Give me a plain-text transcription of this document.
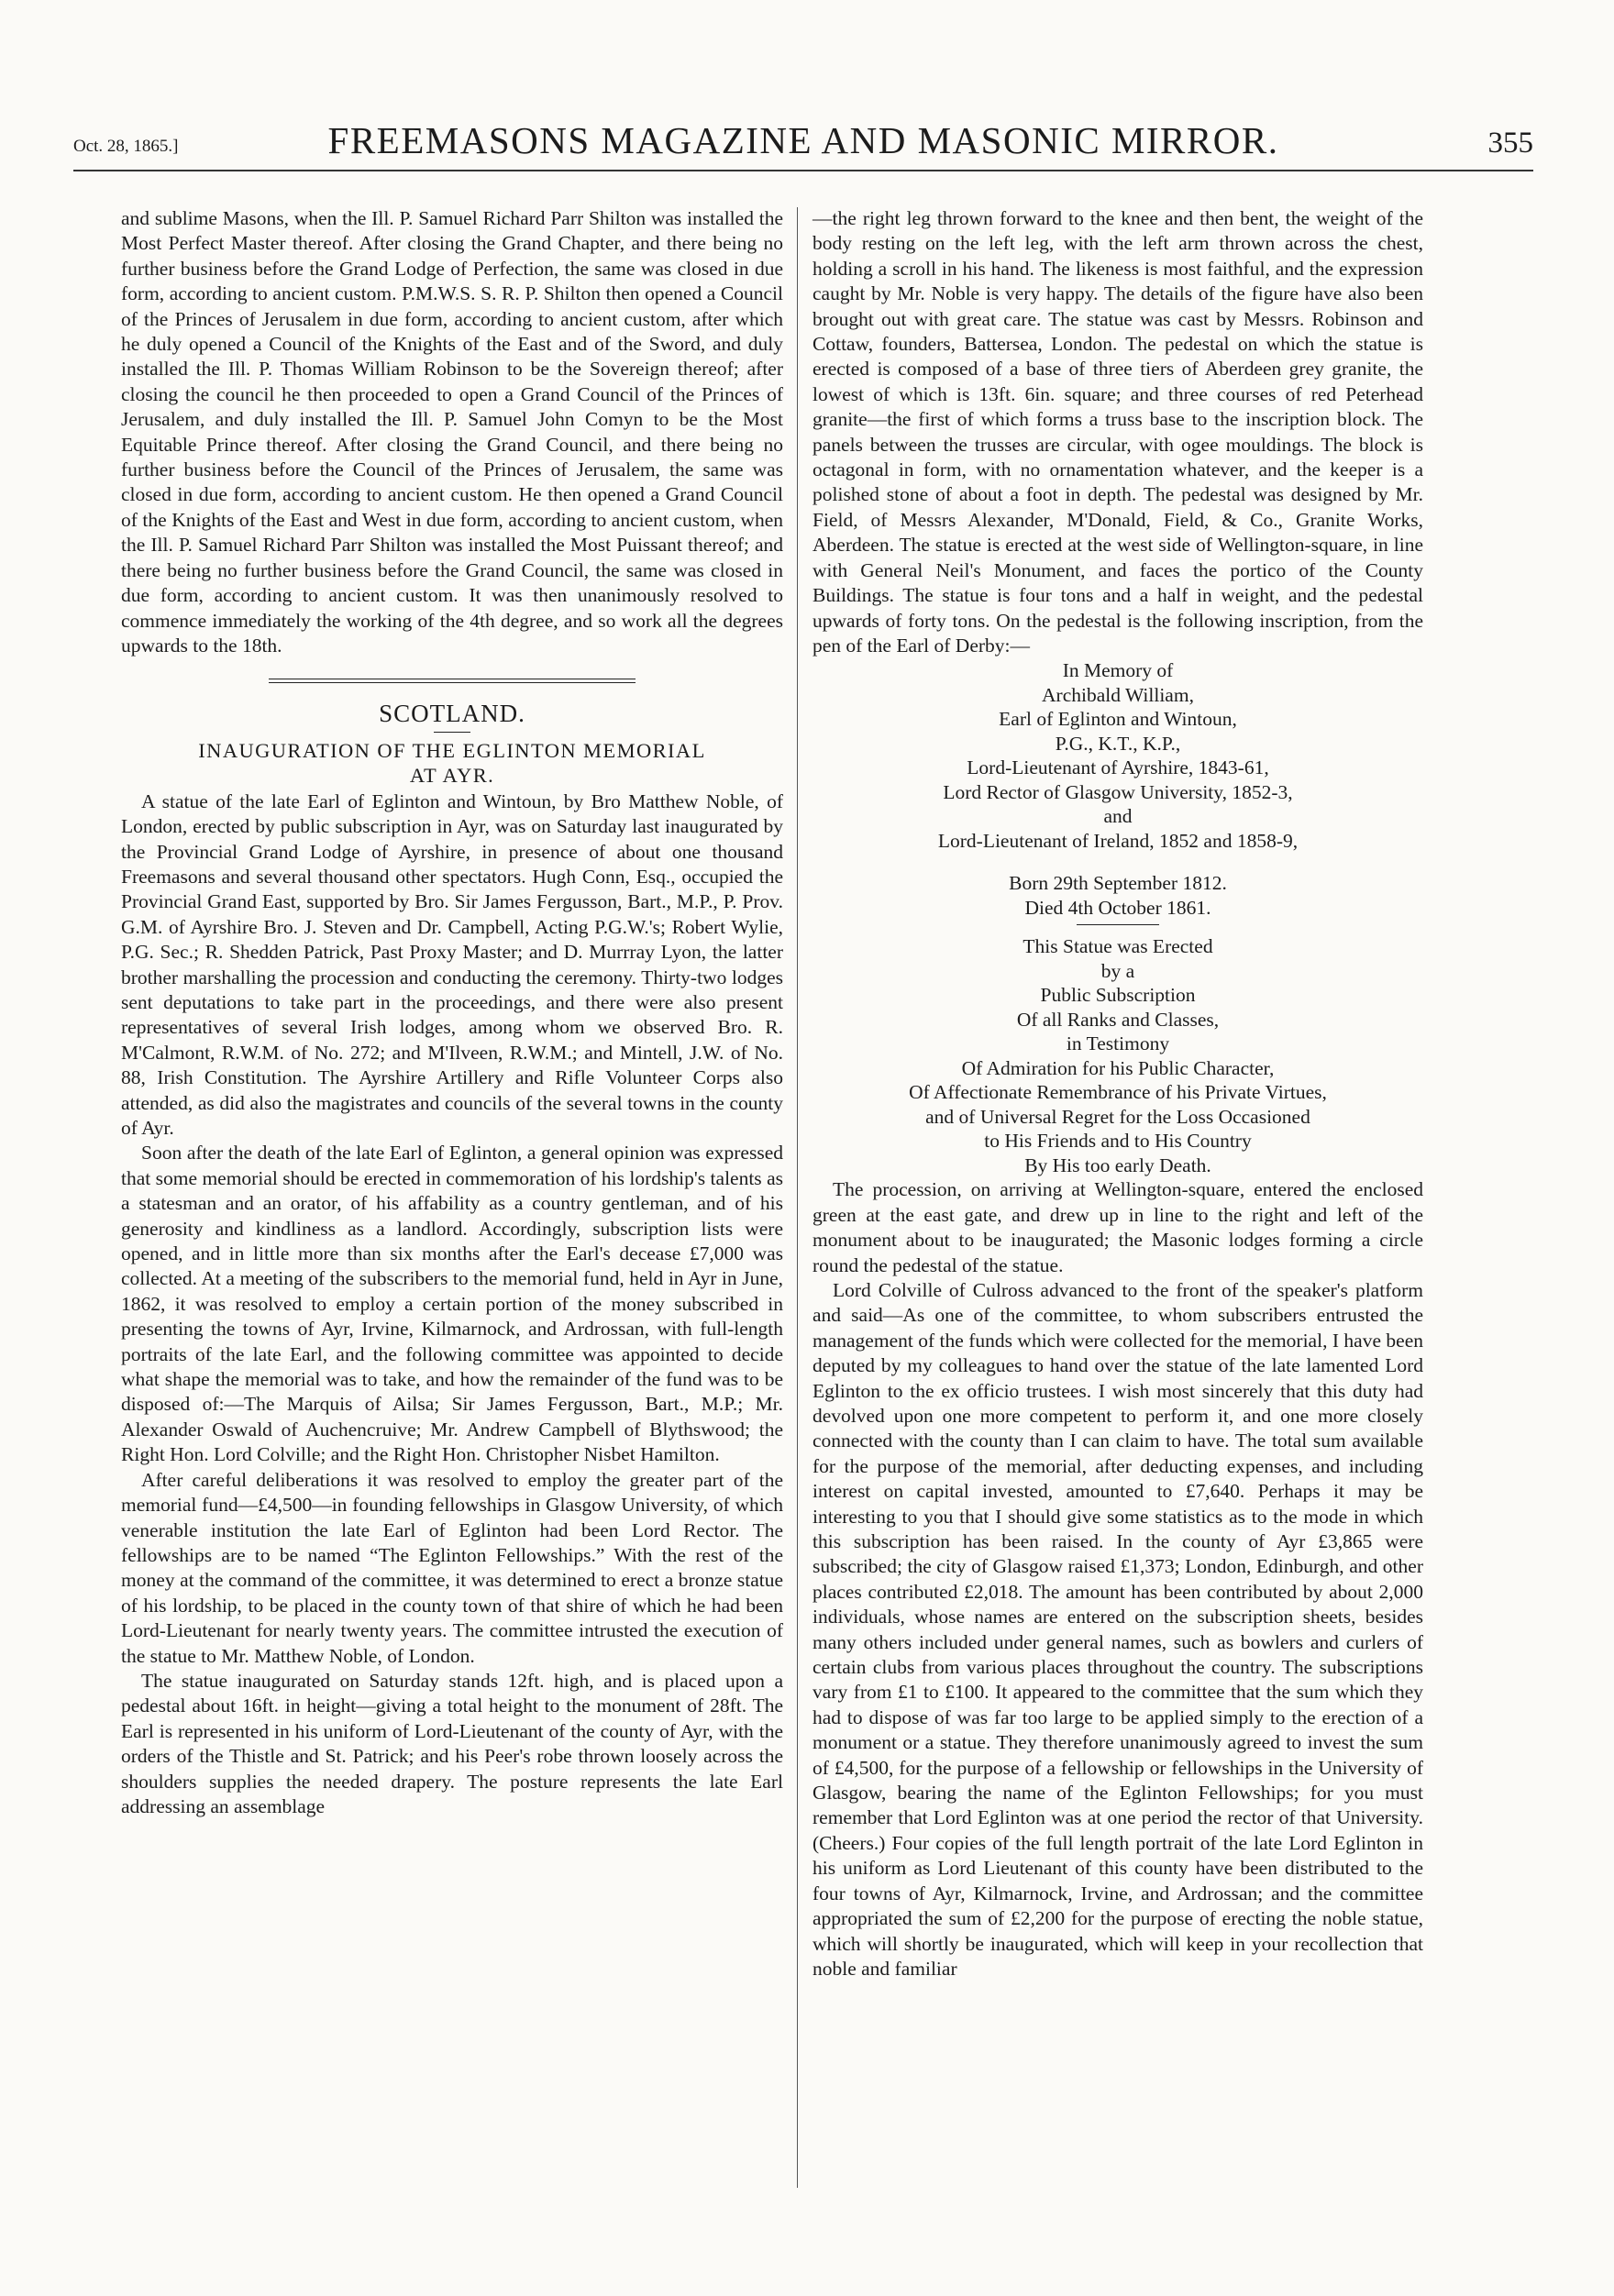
Oct. 28, 1865.]	FREEMASONS MAGAZINE AND MASONIC MIRROR.	355

and sublime Masons, when the Ill. P. Samuel Richard Parr Shilton was installed the Most Perfect Master thereof. After closing the Grand Chapter, and there being no further business before the Grand Lodge of Perfection, the same was closed in due form, according to ancient custom. P.M.W.S. S. R. P. Shilton then opened a Council of the Princes of Jerusalem in due form, according to ancient custom, after which he duly opened a Council of the Knights of the East and of the Sword, and duly installed the Ill. P. Thomas William Robinson to be the Sovereign thereof; after closing the council he then proceeded to open a Grand Council of the Princes of Jerusalem, and duly installed the Ill. P. Samuel John Comyn to be the Most Equitable Prince thereof. After closing the Grand Council, and there being no further business before the Council of the Princes of Jerusalem, the same was closed in due form, according to ancient custom. He then opened a Grand Council of the Knights of the East and West in due form, according to ancient custom, when the Ill. P. Samuel Richard Parr Shilton was installed the Most Puissant thereof; and there being no further business before the Grand Council, the same was closed in due form, according to ancient custom. It was then unanimously resolved to commence immediately the working of the 4th degree, and so work all the degrees upwards to the 18th.

SCOTLAND.
INAUGURATION OF THE EGLINTON MEMORIAL
AT AYR.

A statue of the late Earl of Eglinton and Wintoun, by Bro Matthew Noble, of London, erected by public subscription in Ayr, was on Saturday last inaugurated by the Provincial Grand Lodge of Ayrshire, in presence of about one thousand Freemasons and several thousand other spectators. Hugh Conn, Esq., occupied the Provincial Grand East, supported by Bro. Sir James Fergusson, Bart., M.P., P. Prov. G.M. of Ayrshire Bro. J. Steven and Dr. Campbell, Acting P.G.W.'s; Robert Wylie, P.G. Sec.; R. Shedden Patrick, Past Proxy Master; and D. Murrray Lyon, the latter brother marshalling the procession and conducting the ceremony. Thirty-two lodges sent deputations to take part in the proceedings, and there were also present representatives of several Irish lodges, among whom we observed Bro. R. M'Calmont, R.W.M. of No. 272; and M'Ilveen, R.W.M.; and Mintell, J.W. of No. 88, Irish Constitution. The Ayrshire Artillery and Rifle Volunteer Corps also attended, as did also the magistrates and councils of the several towns in the county of Ayr.

Soon after the death of the late Earl of Eglinton, a general opinion was expressed that some memorial should be erected in commemoration of his lordship's talents as a statesman and an orator, of his affability as a country gentleman, and of his generosity and kindliness as a landlord. Accordingly, subscription lists were opened, and in little more than six months after the Earl's decease £7,000 was collected. At a meeting of the subscribers to the memorial fund, held in Ayr in June, 1862, it was resolved to employ a certain portion of the money subscribed in presenting the towns of Ayr, Irvine, Kilmarnock, and Ardrossan, with full-length portraits of the late Earl, and the following committee was appointed to decide what shape the memorial was to take, and how the remainder of the fund was to be disposed of:—The Marquis of Ailsa; Sir James Fergusson, Bart., M.P.; Mr. Alexander Oswald of Auchencruive; Mr. Andrew Campbell of Blythswood; the Right Hon. Lord Colville; and the Right Hon. Christopher Nisbet Hamilton.

After careful deliberations it was resolved to employ the greater part of the memorial fund—£4,500—in founding fellowships in Glasgow University, of which venerable institution the late Earl of Eglinton had been Lord Rector. The fellowships are to be named “The Eglinton Fellowships.” With the rest of the money at the command of the committee, it was determined to erect a bronze statue of his lordship, to be placed in the county town of that shire of which he had been Lord-Lieutenant for nearly twenty years. The committee intrusted the execution of the statue to Mr. Matthew Noble, of London.

The statue inaugurated on Saturday stands 12ft. high, and is placed upon a pedestal about 16ft. in height—giving a total height to the monument of 28ft. The Earl is represented in his uniform of Lord-Lieutenant of the county of Ayr, with the orders of the Thistle and St. Patrick; and his Peer's robe thrown loosely across the shoulders supplies the needed drapery. The posture represents the late Earl addressing an assemblage

—the right leg thrown forward to the knee and then bent, the weight of the body resting on the left leg, with the left arm thrown across the chest, holding a scroll in his hand. The likeness is most faithful, and the expression caught by Mr. Noble is very happy. The details of the figure have also been brought out with great care. The statue was cast by Messrs. Robinson and Cottaw, founders, Battersea, London. The pedestal on which the statue is erected is composed of a base of three tiers of Aberdeen grey granite, the lowest of which is 13ft. 6in. square; and three courses of red Peterhead granite—the first of which forms a truss base to the inscription block. The panels between the trusses are circular, with ogee mouldings. The block is octagonal in form, with no ornamentation whatever, and the keeper is a polished stone of about a foot in depth. The pedestal was designed by Mr. Field, of Messrs Alexander, M'Donald, Field, & Co., Granite Works, Aberdeen. The statue is erected at the west side of Wellington-square, in line with General Neil's Monument, and faces the portico of the County Buildings. The statue is four tons and a half in weight, and the pedestal upwards of forty tons. On the pedestal is the following inscription, from the pen of the Earl of Derby:—

In Memory of
Archibald William,
Earl of Eglinton and Wintoun,
P.G., K.T., K.P.,
Lord-Lieutenant of Ayrshire, 1843-61,
Lord Rector of Glasgow University, 1852-3,
and
Lord-Lieutenant of Ireland, 1852 and 1858-9,
Born 29th September 1812.
Died 4th October 1861.
This Statue was Erected
by a
Public Subscription
Of all Ranks and Classes,
in Testimony
Of Admiration for his Public Character,
Of Affectionate Remembrance of his Private Virtues,
and of Universal Regret for the Loss Occasioned
to His Friends and to His Country
By His too early Death.

The procession, on arriving at Wellington-square, entered the enclosed green at the east gate, and drew up in line to the right and left of the monument about to be inaugurated; the Masonic lodges forming a circle round the pedestal of the statue.

Lord Colville of Culross advanced to the front of the speaker's platform and said—As one of the committee, to whom subscribers entrusted the management of the funds which were collected for the memorial, I have been deputed by my colleagues to hand over the statue of the late lamented Lord Eglinton to the ex officio trustees. I wish most sincerely that this duty had devolved upon one more competent to perform it, and one more closely connected with the county than I can claim to have. The total sum available for the purpose of the memorial, after deducting expenses, and including interest on capital invested, amounted to £7,640. Perhaps it may be interesting to you that I should give some statistics as to the mode in which this subscription has been raised. In the county of Ayr £3,865 were subscribed; the city of Glasgow raised £1,373; London, Edinburgh, and other places contributed £2,018. The amount has been contributed by about 2,000 individuals, whose names are entered on the subscription sheets, besides many others included under general names, such as bowlers and curlers of certain clubs from various places throughout the country. The subscriptions vary from £1 to £100. It appeared to the committee that the sum which they had to dispose of was far too large to be applied simply to the erection of a monument or a statue. They therefore unanimously agreed to invest the sum of £4,500, for the purpose of a fellowship or fellowships in the University of Glasgow, bearing the name of the Eglinton Fellowships; for you must remember that Lord Eglinton was at one period the rector of that University. (Cheers.) Four copies of the full length portrait of the late Lord Eglinton in his uniform as Lord Lieutenant of this county have been distributed to the four towns of Ayr, Kilmarnock, Irvine, and Ardrossan; and the committee appropriated the sum of £2,200 for the purpose of erecting the noble statue, which will shortly be inaugurated, which will keep in your recollection that noble and familiar
